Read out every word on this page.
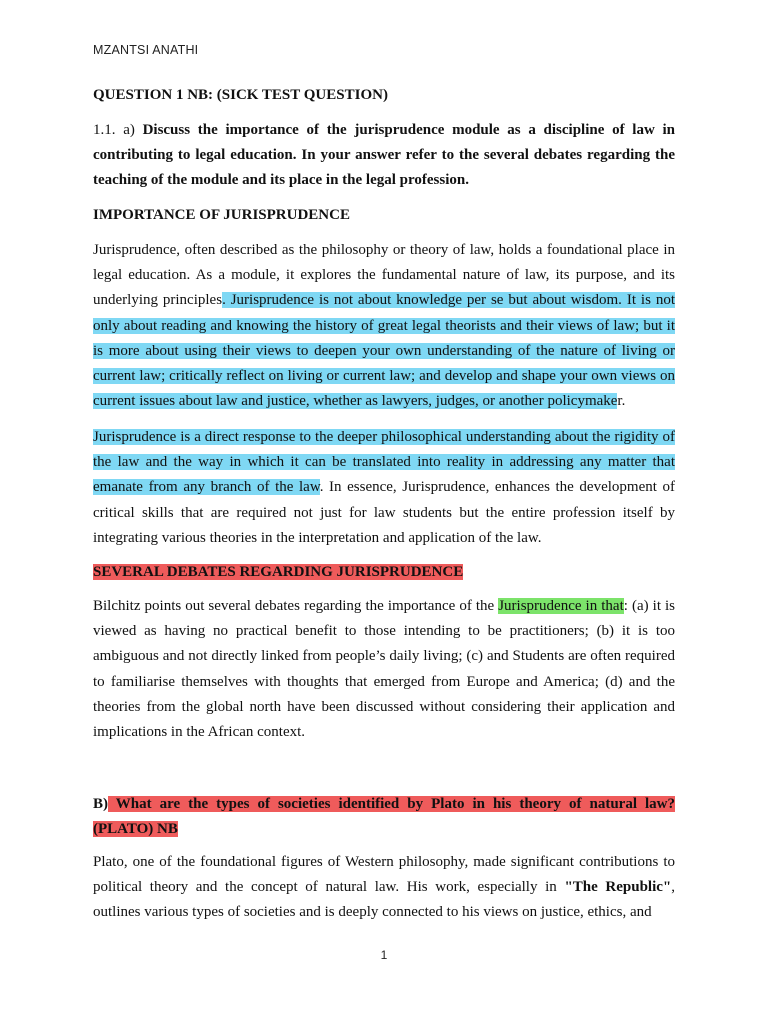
MZANTSI ANATHI
QUESTION 1 NB: (SICK TEST QUESTION)
1.1. a) Discuss the importance of the jurisprudence module as a discipline of law in contributing to legal education. In your answer refer to the several debates regarding the teaching of the module and its place in the legal profession.
IMPORTANCE OF JURISPRUDENCE
Jurisprudence, often described as the philosophy or theory of law, holds a foundational place in legal education. As a module, it explores the fundamental nature of law, its purpose, and its underlying principles. Jurisprudence is not about knowledge per se but about wisdom. It is not only about reading and knowing the history of great legal theorists and their views of law; but it is more about using their views to deepen your own understanding of the nature of living or current law; critically reflect on living or current law; and develop and shape your own views on current issues about law and justice, whether as lawyers, judges, or another policymaker.
Jurisprudence is a direct response to the deeper philosophical understanding about the rigidity of the law and the way in which it can be translated into reality in addressing any matter that emanate from any branch of the law. In essence, Jurisprudence, enhances the development of critical skills that are required not just for law students but the entire profession itself by integrating various theories in the interpretation and application of the law.
SEVERAL DEBATES REGARDING JURISPRUDENCE
Bilchitz points out several debates regarding the importance of the Jurisprudence in that: (a) it is viewed as having no practical benefit to those intending to be practitioners; (b) it is too ambiguous and not directly linked from people’s daily living; (c) and Students are often required to familiarise themselves with thoughts that emerged from Europe and America; (d) and the theories from the global north have been discussed without considering their application and implications in the African context.
B) What are the types of societies identified by Plato in his theory of natural law? (PLATO) NB
Plato, one of the foundational figures of Western philosophy, made significant contributions to political theory and the concept of natural law. His work, especially in "The Republic", outlines various types of societies and is deeply connected to his views on justice, ethics, and
1
